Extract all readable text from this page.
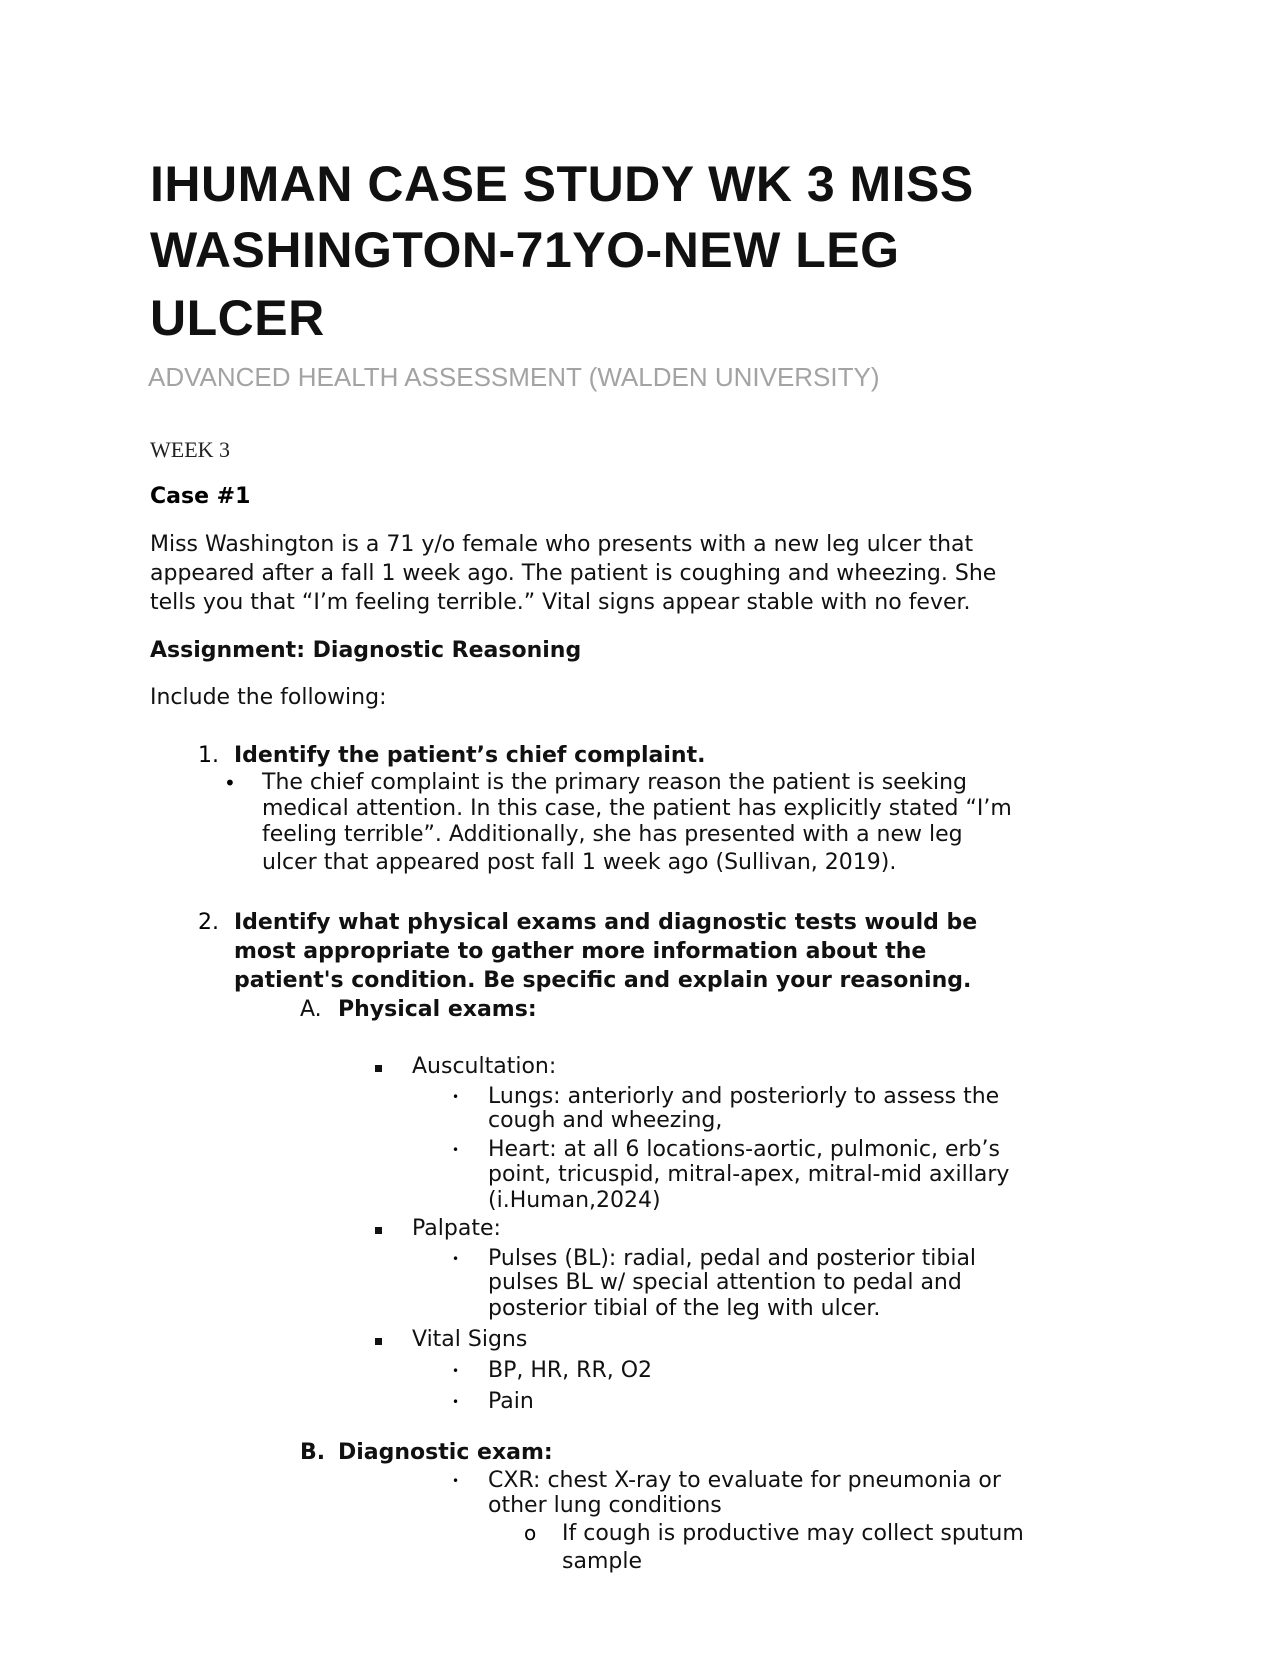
IHUMAN CASE STUDY WK 3 MISS
WASHINGTON-71YO-NEW LEG
ULCER
ADVANCED HEALTH ASSESSMENT (WALDEN UNIVERSITY)
WEEK 3
Case #1
Miss Washington is a 71 y/o female who presents with a new leg ulcer that
appeared after a fall 1 week ago. The patient is coughing and wheezing. She
tells you that “I’m feeling terrible.” Vital signs appear stable with no fever.
Assignment: Diagnostic Reasoning
Include the following:
1. Identify the patient’s chief complaint.
• The chief complaint is the primary reason the patient is seeking
medical attention. In this case, the patient has explicitly stated “I’m
feeling terrible”. Additionally, she has presented with a new leg
ulcer that appeared post fall 1 week ago (Sullivan, 2019).
2. Identify what physical exams and diagnostic tests would be
most appropriate to gather more information about the
patient's condition. Be specific and explain your reasoning.
A. Physical exams:
Auscultation:
• Lungs: anteriorly and posteriorly to assess the
cough and wheezing,
• Heart: at all 6 locations-aortic, pulmonic, erb’s
point, tricuspid, mitral-apex, mitral-mid axillary
(i.Human,2024)
Palpate:
• Pulses (BL): radial, pedal and posterior tibial
pulses BL w/ special attention to pedal and
posterior tibial of the leg with ulcer.
Vital Signs
• BP, HR, RR, O2
• Pain
B. Diagnostic exam:
• CXR: chest X-ray to evaluate for pneumonia or
other lung conditions
o If cough is productive may collect sputum
sample
